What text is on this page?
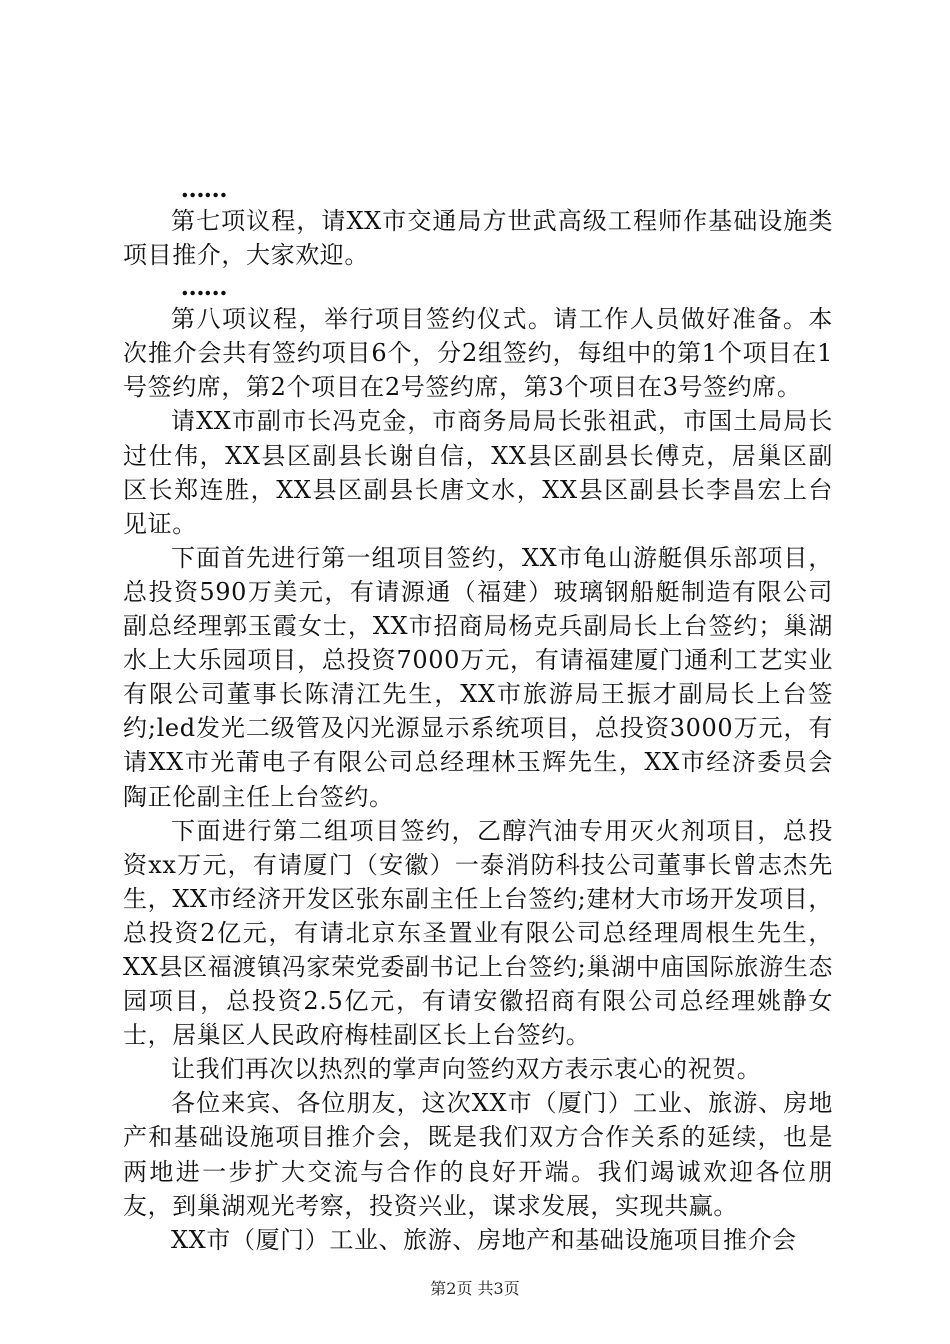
……

第七项议程，请XX市交通局方世武高级工程师作基础设施类项目推介，大家欢迎。

……

第八项议程，举行项目签约仪式。请工作人员做好准备。本次推介会共有签约项目6个，分2组签约，每组中的第1个项目在1号签约席，第2个项目在2号签约席，第3个项目在3号签约席。

请XX市副市长冯克金，市商务局局长张祖武，市国土局局长过仕伟，XX县区副县长谢自信，XX县区副县长傅克，居巢区副区长郑连胜，XX县区副县长唐文水，XX县区副县长李昌宏上台见证。

下面首先进行第一组项目签约，XX市龟山游艇俱乐部项目，总投资590万美元，有请源通（福建）玻璃钢船艇制造有限公司副总经理郭玉霞女士，XX市招商局杨克兵副局长上台签约；巢湖水上大乐园项目，总投资7000万元，有请福建厦门通利工艺实业有限公司董事长陈清江先生，XX市旅游局王振才副局长上台签约;led发光二级管及闪光源显示系统项目，总投资3000万元，有请XX市光莆电子有限公司总经理林玉辉先生，XX市经济委员会陶正伦副主任上台签约。

下面进行第二组项目签约，乙醇汽油专用灭火剂项目，总投资xx万元，有请厦门（安徽）一泰消防科技公司董事长曾志杰先生，XX市经济开发区张东副主任上台签约;建材大市场开发项目，总投资2亿元，有请北京东圣置业有限公司总经理周根生先生，XX县区福渡镇冯家荣党委副书记上台签约;巢湖中庙国际旅游生态园项目，总投资2.5亿元，有请安徽招商有限公司总经理姚静女士，居巢区人民政府梅桂副区长上台签约。

让我们再次以热烈的掌声向签约双方表示衷心的祝贺。

各位来宾、各位朋友，这次XX市（厦门）工业、旅游、房地产和基础设施项目推介会，既是我们双方合作关系的延续，也是两地进一步扩大交流与合作的良好开端。我们竭诚欢迎各位朋友，到巢湖观光考察，投资兴业，谋求发展，实现共赢。

XX市（厦门）工业、旅游、房地产和基础设施项目推介会

第2页 共3页
